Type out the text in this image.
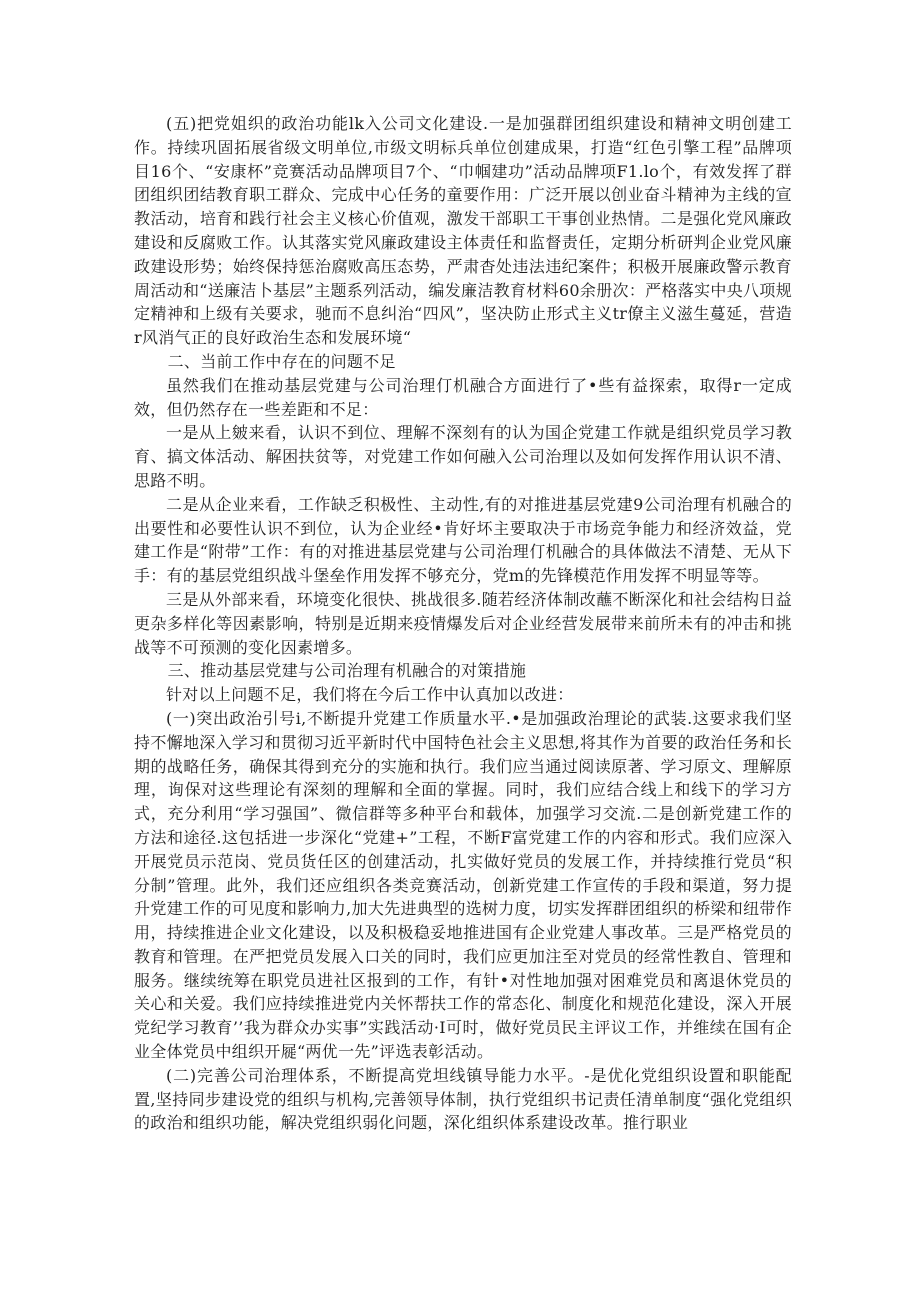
(五)把党姐织的政治功能lk入公司文化建设.一是加强群团组织建设和精神文明创建工作。持续巩固拓展省级文明单位,市级文明标兵单位创建成果，打造“红色引擎工程”品牌项目16个、“安康杯”竞赛活动品牌项目7个、“巾帼建功”活动品牌项F1.lo个，有效发挥了群团组织团结教育职工群众、完成中心任务的童要作用：广泛开展以创业奋斗精神为主线的宣教活动，培育和践行社会主义核心价值观，激发干部职工干事创业热情。二是强化党风廉政建设和反腐败工作。认其落实党风廉政建设主体责任和监督责任，定期分析研判企业党风廉政建设形势；始终保持惩治腐败高压态势，严肃杳处违法违纪案件；积极开展廉政警示教育周活动和“送廉洁卜基层”主题系列活动，编发廉洁教育材料60余册次：严格落实中央八项规定精神和上级有关要求，驰而不息纠治“四风”，坚决防止形式主义tr僚主义滋生蔓延，营造r风消气正的良好政治生态和发展环境“

二、当前工作中存在的问题不足

虽然我们在推动基层党建与公司治理仃机融合方面进行了•些有益探索，取得r一定成效，但仍然存在一些差距和不足：

一是从上皴来看，认识不到位、理解不深刻有的认为国企党建工作就是组织党员学习教育、搞文体活动、解困扶贫等，对党建工作如何融入公司治理以及如何发挥作用认识不清、思路不明。

二是从企业来看，工作缺乏积极性、主动性,有的对推进基层党建9公司治理有机融合的出要性和必要性认识不到位，认为企业经•肯好坏主要取决于市场竞争能力和经济效益，党建工作是“附带”工作：有的对推进基层党建与公司治理仃机融合的具体做法不清楚、无从下手：有的基层党组织战斗堡垒作用发挥不够充分，党m的先锋模范作用发挥不明显等等。

三是从外部来看，环境变化很快、挑战很多.随若经济体制改蘸不断深化和社会结构日益更杂多样化等因素影响，特别是近期来疫情爆发后对企业经营发展带来前所未有的冲击和挑战等不可预测的变化因素增多。

三、推动基层党建与公司治理有机融合的对策措施

针对以上问题不足，我们将在今后工作中认真加以改进：

(一)突出政治引号i,不断提升党建工作质量水平.•是加强政治理论的武装.这要求我们坚持不懈地深入学习和贯彻习近平新时代中国特色社会主义思想,将其作为首要的政治任务和长期的战略任务，确保其得到充分的实施和执行。我们应当通过阅读原著、学习原文、理解原理，询保对这些理论有深刻的理解和全面的掌握。同时，我们应结合线上和线下的学习方式，充分利用“学习强国”、微信群等多种平台和载体，加强学习交流.二是创新党建工作的方法和途径.这包括进一步深化“党建+”工程，不断F富党建工作的内容和形式。我们应深入开展党员示范岗、党员货任区的创建活动，扎实做好党员的发展工作，并持续推行党员“积分制”管理。此外，我们还应组织各类竞赛活动，创新党建工作宣传的手段和渠道，努力提升党建工作的可见度和影响力,加大先进典型的选树力度，切实发挥群团组织的桥梁和纽带作用，持续推进企业文化建设，以及积极稳妥地推进国有企业党建人事改革。三是严格党员的教育和管理。在严把党员发展入口关的同时，我们应更加注至对党员的经常性教自、管理和服务。继续统筹在职党员进社区报到的工作，有针•对性地加强对困难党员和离退休党员的关心和关爱。我们应持续推进党内关怀帮扶工作的常态化、制度化和规范化建设，深入开展党纪学习教育’’我为群众办实事”实践活动·I可时，做好党员民主评议工作，并维续在国有企业全体党员中组织开屣“两优一先”评选表彰活动。

(二)完善公司治理体系，不断提高党坦线镇导能力水平。-是优化党组织设置和职能配置,坚持同步建设党的组织与机构,完善领导体制，执行党组织书记责任清单制度“强化党组织的政治和组织功能，解决党组织弱化问题，深化组织体系建设改革。推行职业
